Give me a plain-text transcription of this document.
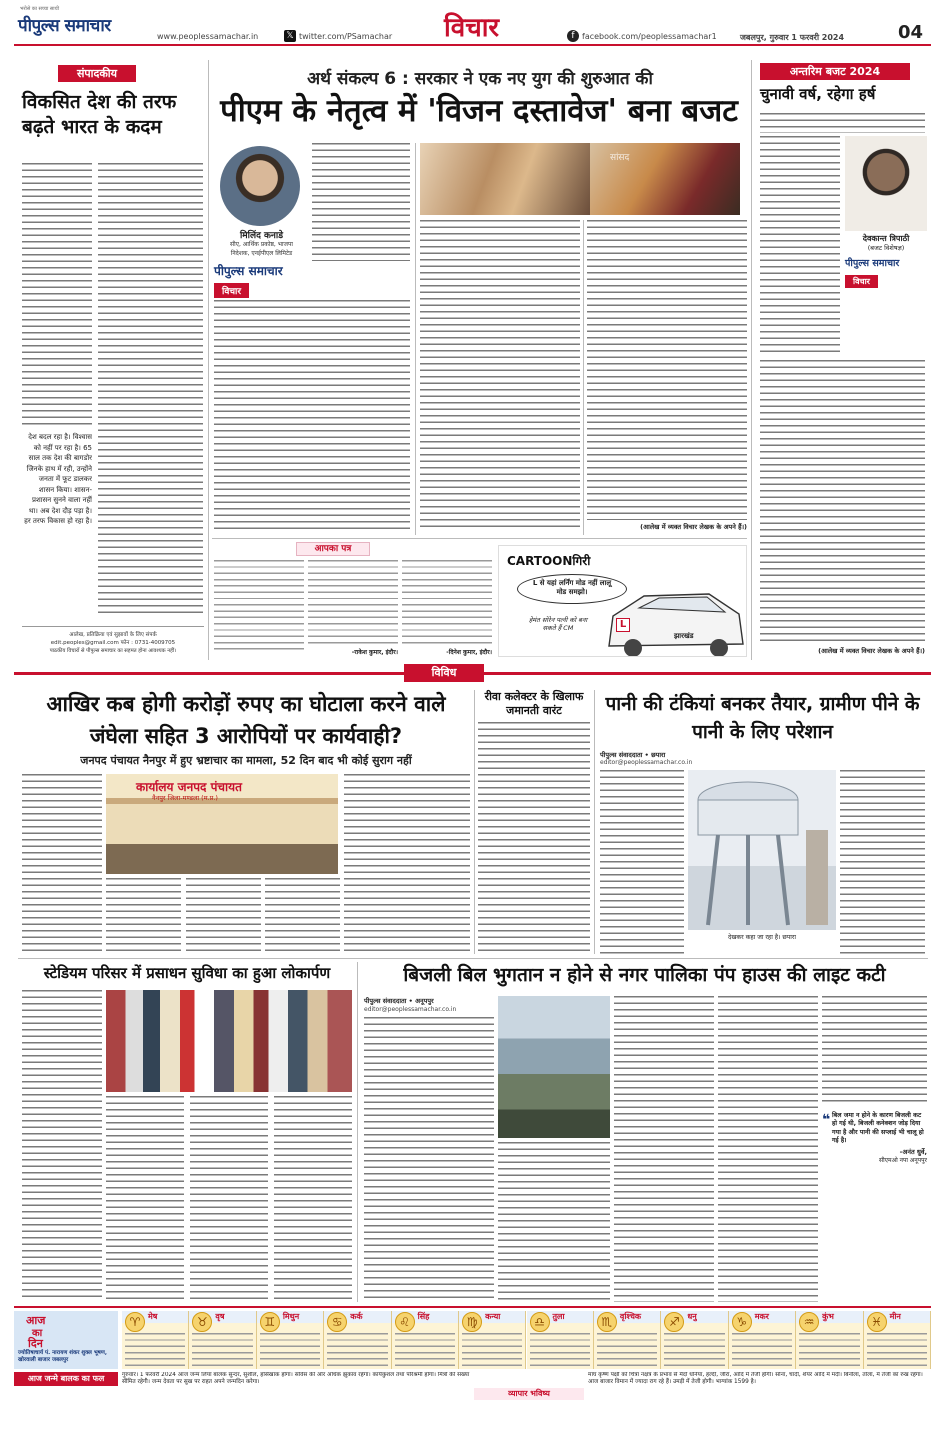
भरोसे का सच्चा साथी
पीपुल्स समाचार
www.peoplessamachar.in	𝕏 twitter.com/PSamachar विचार	f facebook.com/peoplessamachar1	जबलपुर, गुरुवार 1 फरवरी 2024	04
संपादकीय
विकसित देश की तरफ बढ़ते भारत के कदम
देश बदल रहा है। विश्वास को नहीं पर रहा है। 65 साल तक देश की बागडोर जिनके हाथ में रही, उन्होंने जनता में फूट डालकर शासन किया। शासन-प्रशासन सुनने वाला नहीं था। अब देश दौड़ पड़ा है। हर तरफ विकास हो रहा है।
आलेख, प्रतिक्रिया एवं सुझावों के लिए संपर्क
edit.peoples@gmail.com फोन : 0731-4009705
पाठकीय विचारों से पीपुल्स समाचार का सहमत होना आवश्यक नहीं।
अर्थ संकल्प 6 : सरकार ने एक नए युग की शुरुआत की
पीएम के नेतृत्व में 'विजन दस्तावेज' बना बजट
मिलिंद कनाडे
सीए, आर्थिक प्रकोष्ठ, भाजपा
निदेशक, एनईपीएल लिमिटेड
पीपुल्स समाचार
विचार
सांसद
(आलेख में व्यक्त विचार लेखक के अपने हैं।)
आपका पत्र
-राकेश कुमार, इंदौर।	-दिनेश कुमार, इंदौर।
CARTOONगिरी
L से यहां लर्निंग मोड नहीं लालू मोड समझो।
L
झारखंड
हेमंत सोरेन पत्नी को बना सकते हैं CM
अन्तरिम बजट 2024
चुनावी वर्ष, रहेगा हर्ष
देवकान्त त्रिपाठी
(बजट विशेषज्ञ)
पीपुल्स समाचार
विचार
(आलेख में व्यक्त विचार लेखक के अपने हैं।)
विविध
आखिर कब होगी करोड़ों रुपए का घोटाला करने वाले जंघेला सहित 3 आरोपियों पर कार्यवाही?
जनपद पंचायत नैनपुर में हुए भ्रष्टाचार का मामला, 52 दिन बाद भी कोई सुराग नहीं
कार्यालय जनपद पंचायत
नैनपुर जिला-मण्डला (म.प्र.)
रीवा कलेक्टर के खिलाफ जमानती वारंट	पानी की टंकियां बनकर तैयार, ग्रामीण पीने के पानी के लिए परेशान
पीपुल्स संवाददाता • छपारा
editor@peoplessamachar.co.in
देखकर कहा जा रहा है। छपारा
स्टेडियम परिसर में प्रसाधन सुविधा का हुआ लोकार्पण	बिजली बिल भुगतान न होने से नगर पालिका पंप हाउस की लाइट कटी
पीपुल्स संवाददाता • अनूपपुर
editor@peoplessamachar.co.in
❝ बिल जमा न होने के कारण बिजली कट हो गई थी, बिजली कनेक्शन जोड़ दिया गया है और पानी की सप्लाई भी चालू हो गई है।
-अनंत धुर्वे,
सीएमओ नपा अनूपपुर
आज
का
दिन
ज्योतिषाचार्य पं. नारायण शंकर शुक्ल भूषण, खोरवाली बाजार जबलपुर
♈ मेष	♉ वृष	♊ मिथुन	♋ कर्क	♌ सिंह	♍ कन्या	♎ तुला	♏ वृश्चिक	♐ धनु	♑ मकर	♒ कुंभ	♓ मीन
आज जन्मे बालक का फल	गुरुवार। 1 फरवरी 2024 आज जन्म लिया बालक सुन्दर, सुशील, हंसिखाक होगा। सर्विस की ओर अधिक झुकाव रहेगा। कार्यकुशल तथा परिश्रमी होगा। मित्रों की संख्या सीमित रहेगी। जन्म देवता पर सुख पर राहत अपने जन्मदिन करेगा।
व्यापार भविष्य
माघ कृष्ण पक्षी को चित्रा नक्षत्र के प्रभाव से मैदों धनिया, हल्दी, जीरा, आदि में तेजी होगी। सोना, चांदी, शेयर आदि में मंदी। बिनौला, तोला, में तेजी का रुख रहेगा। आज बाजार विमान में ज्यादा राग रहे हैं। उमड़ी में तेजी होगी। भाग्यांक 1599 है।
